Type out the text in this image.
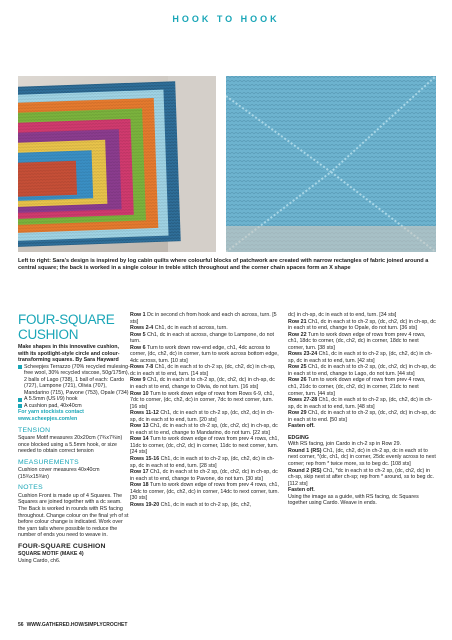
HOOK TO HOOK
Left to right: Sara's design is inspired by log cabin quilts where colourful blocks of patchwork are created with narrow rectangles of fabric joined around a central square; the back is worked in a single colour in treble stitch throughout and the corner chain spaces form an X shape
FOUR-SQUARE CUSHION

Make shapes in this innovative cushion, with its spotlight-style circle and colour-transforming squares. By Sara Hayward

Scheepjes Terrazzo (70% recycled mulesing-free wool, 30% recycled viscose, 50g/175m), 2 balls of Lago (738), 1 ball of each: Cardo (727), Lampone (721), Olivia (707), Mandarino (715), Pavone (753), Opale (734)
A 5.5mm (US I/9) hook
A cushion pad, 40x40cm
For yarn stockists contact
www.scheepjes.com/en
TENSION

Square Motif measures 20x20cm (7¾x7¾in) once blocked using a 5.5mm hook, or size needed to obtain correct tension

MEASUREMENTS

Cushion cover measures 40x40cm (15¾x15¾in)

NOTES

Cushion Front is made up of 4 Squares. The Squares are joined together with a dc seam. The Back is worked in rounds with RS facing throughout. Change colour on the final yrh of st before colour change is indicated. Work over the yarn tails where possible to reduce the number of ends you need to weave in.

FOUR-SQUARE CUSHION
SQUARE MOTIF (MAKE 4)

Using Cardo, ch6.

Row 1 Dc in second ch from hook and each ch across, turn. [5 sts]

Rows 2-4 Ch1, dc in each st across, turn.

Row 5 Ch1, dc in each st across, change to Lampone, do not turn.

Row 6 Turn to work down row-end edge, ch1, 4dc across to corner, (dc, ch2, dc) in corner, turn to work across bottom edge, 4dc across, turn. [10 sts]

Rows 7-8 Ch1, dc in each st to ch-2 sp, (dc, ch2, dc) in ch-sp, dc in each st to end, turn. [14 sts]

Row 9 Ch1, dc in each st to ch-2 sp, (dc, ch2, dc) in ch-sp, dc in each st to end, change to Olivia, do not turn. [16 sts]

Row 10 Turn to work down edge of rows from Rows 6-9, ch1, 7dc to corner, (dc, ch2, dc) in corner, 7dc to next corner, turn. [16 sts]

Rows 11-12 Ch1, dc in each st to ch-2 sp, (dc, ch2, dc) in ch-sp, dc in each st to end, turn. [20 sts]

Row 13 Ch1, dc in each st to ch-2 sp, (dc, ch2, dc) in ch-sp, dc in each st to end, change to Mandarino, do not turn. [22 sts]

Row 14 Turn to work down edge of rows from prev 4 rows, ch1, 11dc to corner, (dc, ch2, dc) in corner, 11dc to next corner, turn. [24 sts]

Rows 15-16 Ch1, dc in each st to ch-2 sp, (dc, ch2, dc) in ch-sp, dc in each st to end, turn. [28 sts]

Row 17 Ch1, dc in each st to ch-2 sp, (dc, ch2, dc) in ch-sp, dc in each st to end, change to Pavone, do not turn. [30 sts]

Row 18 Turn to work down edge of rows from prev 4 rows, ch1, 14dc to corner, (dc, ch2, dc) in corner, 14dc to next corner, turn. [30 sts]

Rows 19-20 Ch1, dc in each st to ch-2 sp, (dc, ch2,

dc) in ch-sp, dc in each st to end, turn. [34 sts]

Row 21 Ch1, dc in each st to ch-2 sp, (dc, ch2, dc) in ch-sp, dc in each st to end, change to Opale, do not turn. [36 sts]

Row 22 Turn to work down edge of rows from prev 4 rows, ch1, 18dc to corner, (dc, ch2, dc) in corner, 18dc to next corner, turn. [38 sts]

Rows 23-24 Ch1, dc in each st to ch-2 sp, (dc, ch2, dc) in ch-sp, dc in each st to end, turn. [42 sts]

Row 25 Ch1, dc in each st to ch-2 sp, (dc, ch2, dc) in ch-sp, dc in each st to end, change to Lago, do not turn. [44 sts]

Row 26 Turn to work down edge of rows from prev 4 rows, ch1, 21dc to corner, (dc, ch2, dc) in corner, 21dc to next corner, turn. [44 sts]

Rows 27-28 Ch1, dc in each st to ch-2 sp, (dc, ch2, dc) in ch-sp, dc in each st to end, turn. [48 sts]

Row 29 Ch1, dc in each st to ch-2 sp, (dc, ch2, dc) in ch-sp, dc in each st to end. [50 sts]

Fasten off.

EDGING

With RS facing, join Cardo in ch-2 sp in Row 29.

Round 1 (RS) Ch1, (dc, ch2, dc) in ch-2 sp, dc in each st to next corner, *(dc, ch1, dc) in corner, 25dc evenly across to next corner; rep from * twice more, ss to beg dc. [108 sts]

Round 2 (RS) Ch1, *dc in each st to ch-2 sp, (dc, ch2, dc) in ch-sp, skip next st after ch-sp; rep from * around, ss to beg dc. [112 sts]

Fasten off.

Using the image as a guide, with RS facing, dc Squares together using Cardo. Weave in ends.

56 WWW.GATHERED.HOW/SIMPLYCROCHET
